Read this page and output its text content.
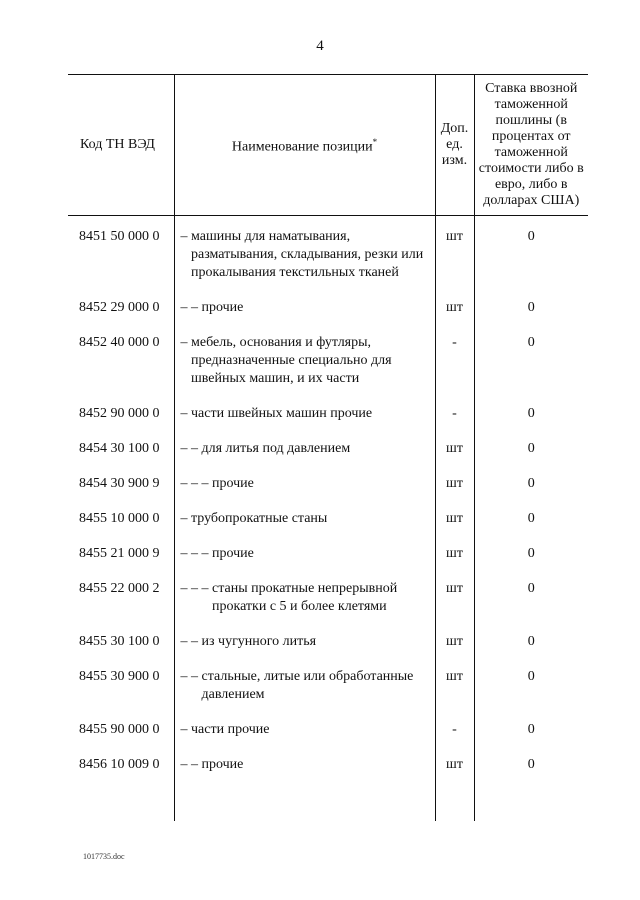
4
Код ТН ВЭД	Наименование позиции*	Доп. ед. изм.	Ставка ввозной таможенной пошлины (в процентах от таможенной стоимости либо в евро, либо в долларах США)

8451 50 000 0	– машины для наматывания, разматывания, складывания, резки или прокалывания текстильных тканей	шт	0
8452 29 000 0	– – прочие	шт	0
8452 40 000 0	– мебель, основания и футляры, предназначенные специально для швейных машин, и их части	-	0
8452 90 000 0	– части швейных машин прочие	-	0
8454 30 100 0	– – для литья под давлением	шт	0
8454 30 900 9	– – – прочие	шт	0
8455 10 000 0	– трубопрокатные станы	шт	0
8455 21 000 9	– – – прочие	шт	0
8455 22 000 2	– – – станы прокатные непрерывной прокатки с 5 и более клетями	шт	0
8455 30 100 0	– – из чугунного литья	шт	0
8455 30 900 0	– – стальные, литые или обработанные давлением	шт	0
8455 90 000 0	– части прочие	-	0
8456 10 009 0	– – прочие	шт	0

1017735.doc
